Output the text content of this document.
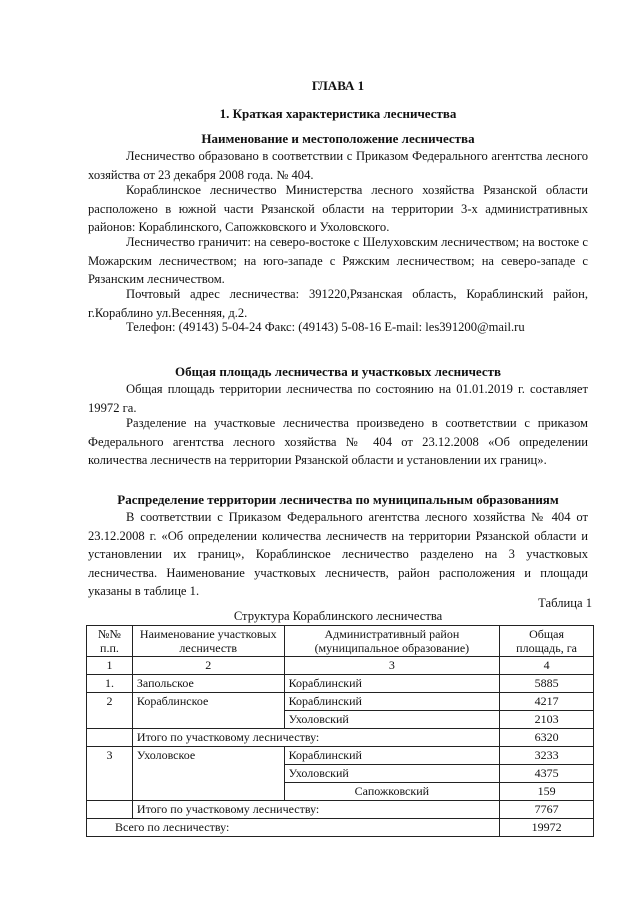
ГЛАВА 1
1. Краткая характеристика лесничества
Наименование и местоположение лесничества

Лесничество образовано в соответствии с Приказом Федерального агентства лесного хозяйства от 23 декабря 2008 года. № 404.

Кораблинское лесничество Министерства лесного хозяйства Рязанской области расположено в южной части Рязанской области на территории 3-х административных районов: Кораблинского, Сапожковского и Ухоловского.

Лесничество граничит: на северо-востоке с Шелуховским лесничеством; на востоке с Можарским лесничеством; на юго-западе с Ряжским лесничеством; на северо-западе с Рязанским лесничеством.

Почтовый адрес лесничества: 391220,Рязанская область, Кораблинский район, г.Кораблино ул.Весенняя, д.2.

Телефон: (49143) 5-04-24 Факс: (49143) 5-08-16 E-mail: les391200@mail.ru

Общая площадь лесничества и участковых лесничеств

Общая площадь территории лесничества по состоянию на 01.01.2019 г. составляет 19972 га.

Разделение на участковые лесничества произведено в соответствии с приказом Федерального агентства лесного хозяйства № 404 от 23.12.2008 «Об определении количества лесничеств на территории Рязанской области и установлении их границ».

Распределение территории лесничества по муниципальным образованиям

В соответствии с Приказом Федерального агентства лесного хозяйства № 404 от 23.12.2008 г. «Об определении количества лесничеств на территории Рязанской области и установлении их границ», Кораблинское лесничество разделено на 3 участковых лесничества. Наименование участковых лесничеств, район расположения и площади указаны в таблице 1.

Таблица 1
Структура Кораблинского лесничества
№№ п.п.	Наименование участковых лесничеств	Административный район (муниципальное образование)	Общая площадь, га
1	2	3	4
1.	Запольское	Кораблинский	5885
2	Кораблинское	Кораблинский	4217
		Ухоловский	2103
	Итого по участковому лесничеству:		6320
3	Ухоловское	Кораблинский	3233
		Ухоловский	4375
		Сапожковский	159
	Итого по участковому лесничеству:		7767
Всего по лесничеству:			19972
